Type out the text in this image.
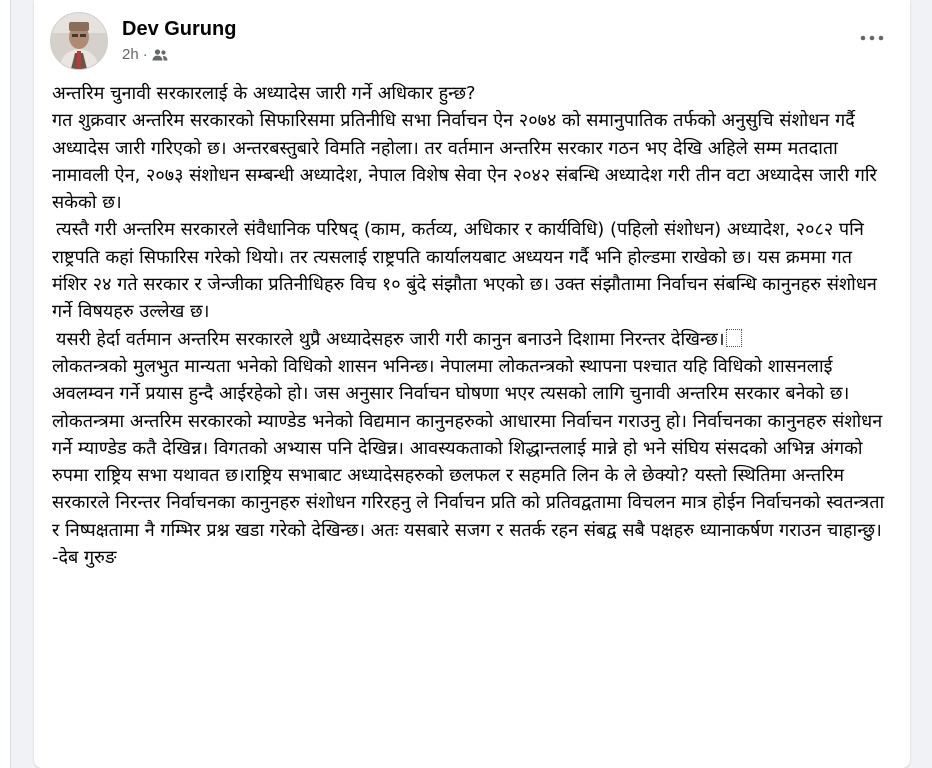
Dev Gurung
2h ·

अन्तरिम चुनावी सरकारलाई के अध्यादेस जारी गर्ने अधिकार हुन्छ?

गत शुक्रवार अन्तरिम सरकारको सिफारिसमा प्रतिनीधि सभा निर्वाचन ऐन २०७४ को समानुपातिक तर्फको अनुसुचि संशोधन गर्दै अध्यादेस जारी गरिएको छ। अन्तरबस्तुबारे विमति नहोला। तर वर्तमान अन्तरिम सरकार गठन भए देखि अहिले सम्म मतदाता नामावली ऐन, २०७३ संशोधन सम्बन्धी अध्यादेश, नेपाल विशेष सेवा ऐन २०४२ संबन्धि अध्यादेश गरी तीन वटा अध्यादेस जारी गरि सकेको छ।

त्यस्तै गरी अन्तरिम सरकारले संवैधानिक परिषद् (काम, कर्तव्य, अधिकार र कार्यविधि) (पहिलो संशोधन) अध्यादेश, २०८२ पनि राष्ट्रपति कहां सिफारिस गरेको थियो। तर त्यसलाई राष्ट्रपति कार्यालयबाट अध्ययन गर्दै भनि होल्डमा राखेको छ। यस क्रममा गत मंशिर २४ गते सरकार र जेन्जीका प्रतिनीधिहरु विच १० बुंदे संझौता भएको छ। उक्त संझौतामा निर्वाचन संबन्धि कानुनहरु संशोधन गर्ने विषयहरु उल्लेख छ।

यसरी हेर्दा वर्तमान अन्तरिम सरकारले थुप्रै अध्यादेसहरु जारी गरी कानुन बनाउने दिशामा निरन्तर देखिन्छ।

लोकतन्त्रको मुलभुत मान्यता भनेको विधिको शासन भनिन्छ। नेपालमा लोकतन्त्रको स्थापना पश्चात यहि विधिको शासनलाई अवलम्वन गर्ने प्रयास हुन्दै आईरहेको हो। जस अनुसार निर्वाचन घोषणा भएर त्यसको लागि चुनावी अन्तरिम सरकार बनेको छ। लोकतन्त्रमा अन्तरिम सरकारको म्याण्डेड भनेको विद्यमान कानुनहरुको आधारमा निर्वाचन गराउनु हो। निर्वाचनका कानुनहरु संशोधन गर्ने म्याण्डेड कतै देखिन्न। विगतको अभ्यास पनि देखिन्न। आवस्यकताको शिद्धान्तलाई मान्ने हो भने संघिय संसदको अभिन्न अंगको रुपमा राष्ट्रिय सभा यथावत छ।राष्ट्रिय सभाबाट अध्यादेसहरुको छलफल र सहमति लिन के ले छेक्यो? यस्तो स्थितिमा अन्तरिम सरकारले निरन्तर निर्वाचनका कानुनहरु संशोधन गरिरहनु ले निर्वाचन प्रति को प्रतिवद्वतामा विचलन मात्र होईन निर्वाचनको स्वतन्त्रता र निष्पक्षतामा नै गम्भिर प्रश्न खडा गरेको देखिन्छ। अतः यसबारे सजग र सतर्क रहन संबद्व सबै पक्षहरु ध्यानाकर्षण गराउन चाहान्छु। -देब गुरुङ
